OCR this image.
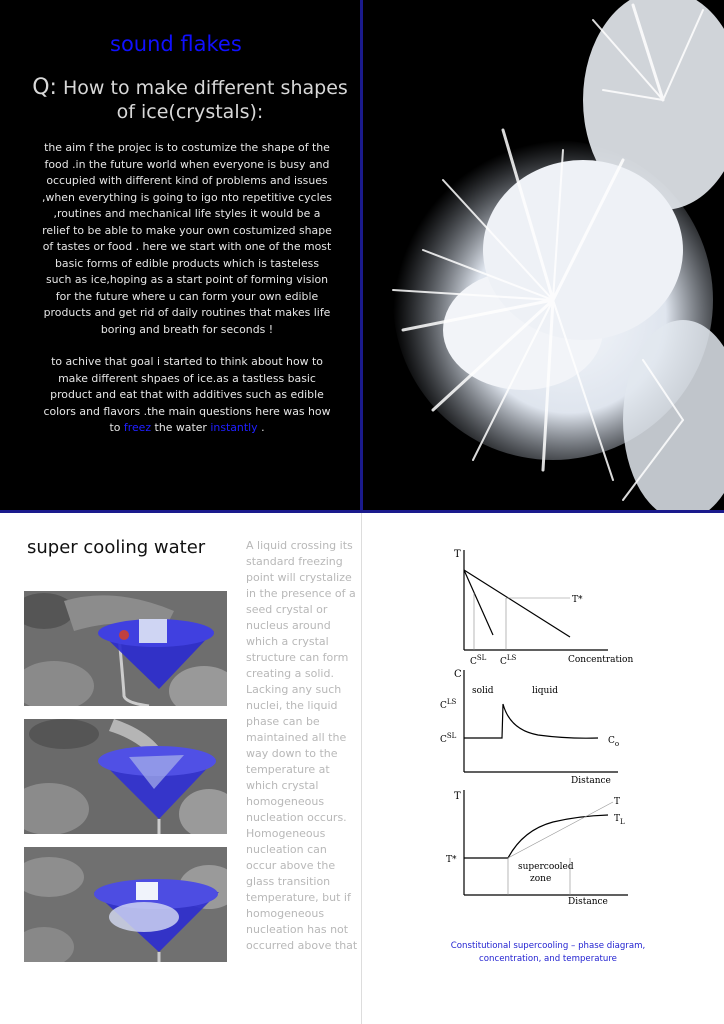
sound flakes
Q: How to make different shapes of ice(crystals):

the aim f the projec is to costumize the shape of the food .in the future world when everyone is busy and occupied with different kind of problems and issues ,when everything is going to igo nto repetitive cycles ,routines and mechanical life styles it would be a relief to be able to make your own costumized shape of tastes or food . here we start with one of the most basic forms of edible products which is tasteless such as ice,hoping as a start point of forming vision for the future where u can form your own edible products and get rid of daily routines that makes life boring and breath for seconds !

to achive that goal i started to think about how to make different shpaes of ice.as a tastless basic product and eat that with additives such as edible colors and flavors .the main questions here was how to freez the water instantly .

super cooling water	A liquid crossing its standard freezing point will crystalize in the presence of a seed crystal or nucleus around which a crystal structure can form creating a solid. Lacking any such nuclei, the liquid phase can be maintained all the way down to the temperature at which crystal homogeneous nucleation occurs. Homogeneous nucleation can occur above the glass transition temperature, but if homogeneous nucleation has not occurred above that
T
T*
$C^{SL}$ $C^{LS}$	Concentration
C
$C^{LS}$
$C^{SL}$
solid	liquid
$C_o$
Distance
T
T*
T
$T_L$
supercooled
zone
Distance
Constitutional supercooling – phase diagram,
concentration, and temperature
